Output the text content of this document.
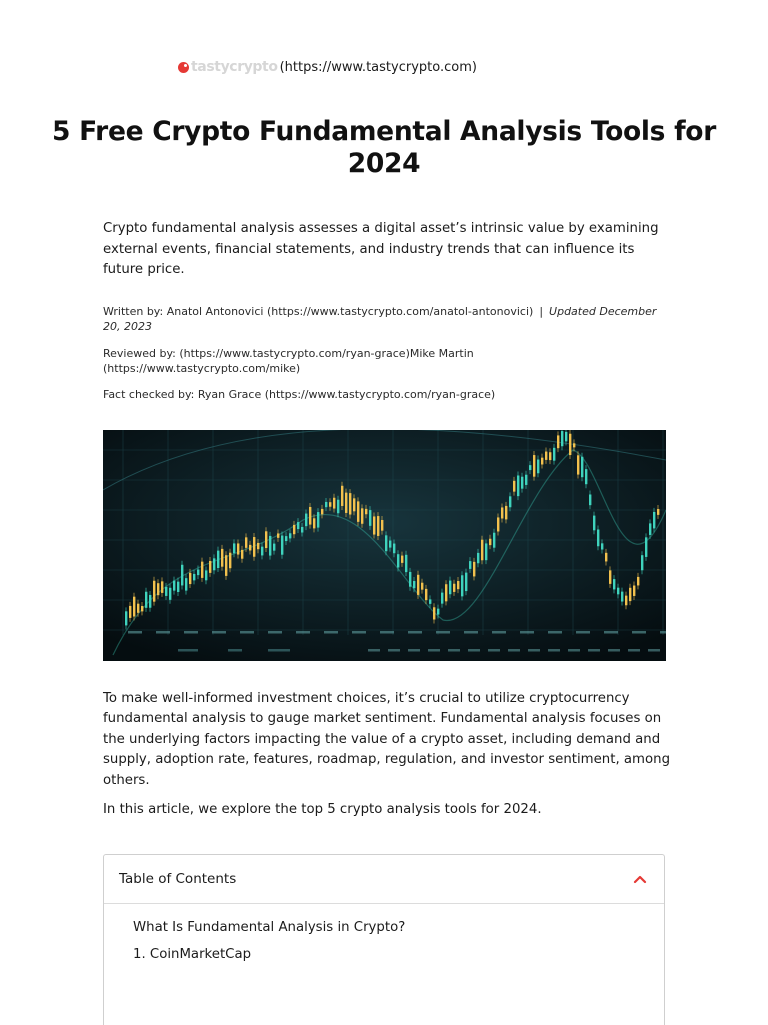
tastycrypto (https://www.tastycrypto.com)
5 Free Crypto Fundamental Analysis Tools for 2024

Crypto fundamental analysis assesses a digital asset’s intrinsic value by examining external events, financial statements, and industry trends that can influence its future price.

Written by: Anatol Antonovici (https://www.tastycrypto.com/anatol-antonovici) | Updated December 20, 2023

Reviewed by: (https://www.tastycrypto.com/ryan-grace)Mike Martin (https://www.tastycrypto.com/mike)

Fact checked by: Ryan Grace (https://www.tastycrypto.com/ryan-grace)

To make well-informed investment choices, it’s crucial to utilize cryptocurrency fundamental analysis to gauge market sentiment. Fundamental analysis focuses on the underlying factors impacting the value of a crypto asset, including demand and supply, adoption rate, features, roadmap, regulation, and investor sentiment, among others.

In this article, we explore the top 5 crypto analysis tools for 2024.

Table of Contents
What Is Fundamental Analysis in Crypto?
1. CoinMarketCap
